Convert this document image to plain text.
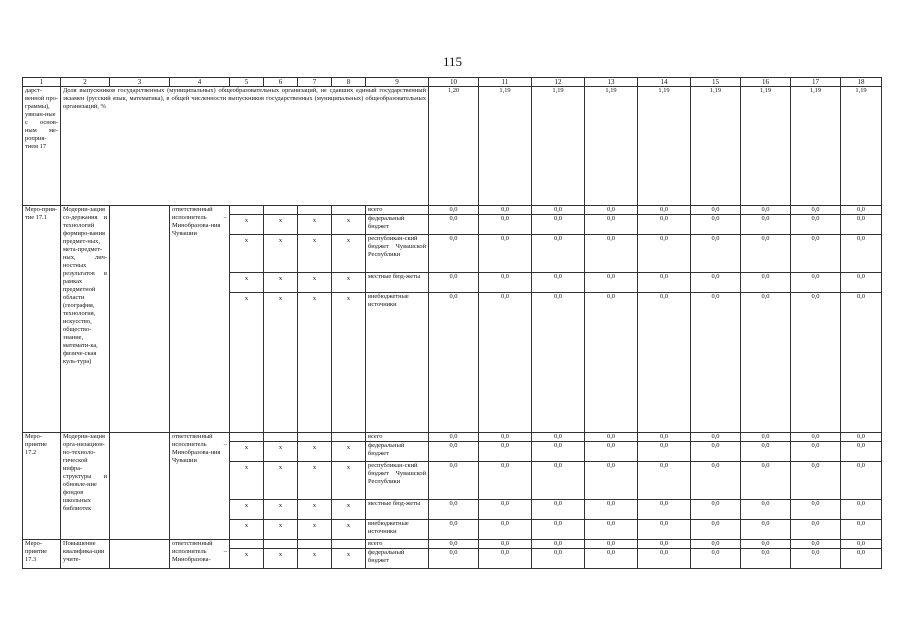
115
1	2	3	4	5	6	7	8	9	10	11	12	13	14	15	16	17	18
дарст-венной про-граммы), увязан-ные с основ-ным ме-роприя-тием 17	Доля выпускников государственных (муниципальных) общеобразовательных организаций, не сдавших единый государственный экзамен (русский язык, математика), в общей численности выпускников государственных (муниципальных) общеобразовательных организаций, %								1,20	1,19	1,19	1,19	1,19	1,19	1,19	1,19	1,19
Меро-прия-тие 17.1	Модерни-зация со-держания и технологий формиро-вания предмет-ных, мета-предмет-ных, лич-ностных результатов в рамках предметной области (география, технология, искусство, общество-знание, математи-ка, физиче-ская куль-тура)		ответственный исполнитель – Минобразова-ния Чувашии					всего	0,0	0,0	0,0	0,0	0,0	0,0	0,0	0,0	0,0
				x	x	x	x	федеральный бюджет	0,0	0,0	0,0	0,0	0,0	0,0	0,0	0,0	0,0
				x	x	x	x	республикан-ский бюджет Чувашской Республики	0,0	0,0	0,0	0,0	0,0	0,0	0,0	0,0	0,0
				x	x	x	x	местные бюд-жеты	0,0	0,0	0,0	0,0	0,0	0,0	0,0	0,0	0,0
				x	x	x	x	внебюджетные источники	0,0	0,0	0,0	0,0	0,0	0,0	0,0	0,0	0,0
Меро-приятие 17.2	Модерни-зация орга-низацион-но-техноло-гической инфра-структуры и обновле-ние фондов школьных библиотек		ответственный исполнитель – Минобразова-ния Чувашии					всего	0,0	0,0	0,0	0,0	0,0	0,0	0,0	0,0	0,0
				x	x	x	x	федеральный бюджет	0,0	0,0	0,0	0,0	0,0	0,0	0,0	0,0	0,0
				x	x	x	x	республикан-ский бюджет Чувашской Республики	0,0	0,0	0,0	0,0	0,0	0,0	0,0	0,0	0,0
				x	x	x	x	местные бюд-жеты	0,0	0,0	0,0	0,0	0,0	0,0	0,0	0,0	0,0
				x	x	x	x	внебюджетные источники	0,0	0,0	0,0	0,0	0,0	0,0	0,0	0,0	0,0
Меро-приятие 17.3	Повышение квалифика-ции учите-		ответственный исполнитель – Минобразова-					всего	0,0	0,0	0,0	0,0	0,0	0,0	0,0	0,0	0,0
				x	x	x	x	федеральный бюджет	0,0	0,0	0,0	0,0	0,0	0,0	0,0	0,0	0,0
